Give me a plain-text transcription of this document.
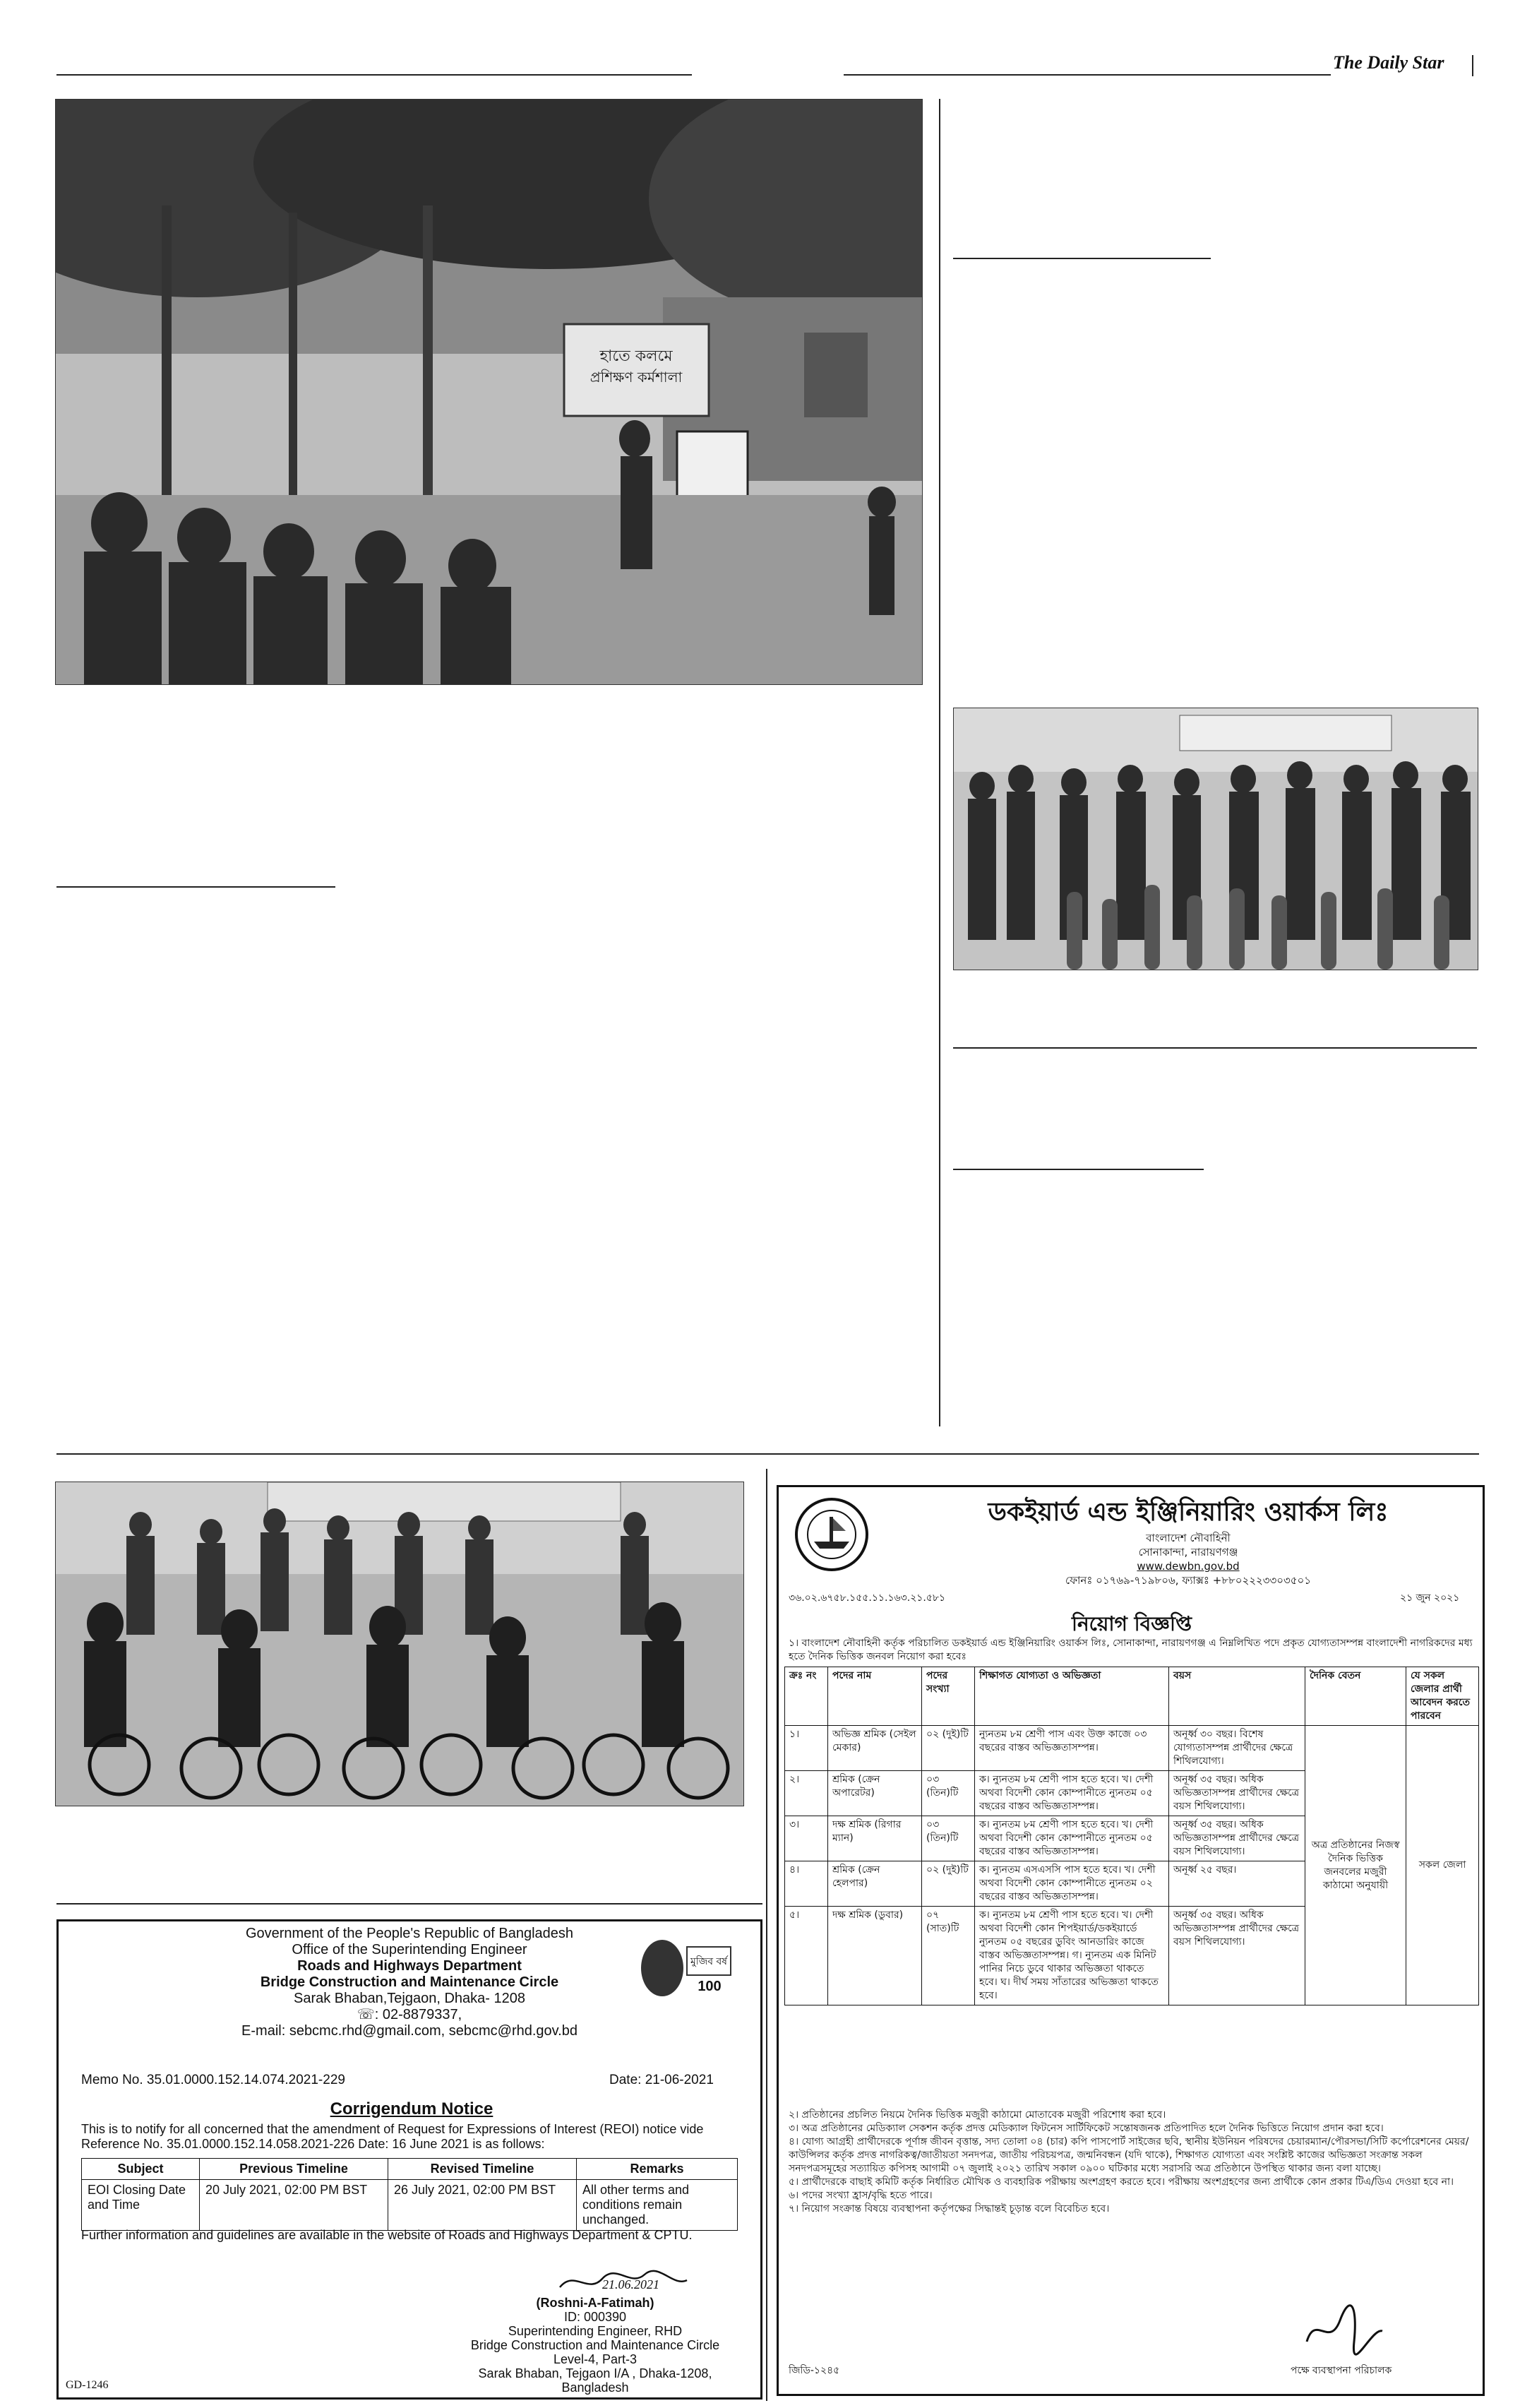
The Daily Star
হাতে কলমে
প্রশিক্ষণ কর্মশালা
Government of the People's Republic of Bangladesh
Office of the Superintending Engineer
Roads and Highways Department
Bridge Construction and Maintenance Circle
Sarak Bhaban,Tejgaon, Dhaka- 1208
☏: 02-8879337,
E-mail: sebcmc.rhd@gmail.com, sebcmc@rhd.gov.bd
মুজিব বর্ষ
100
Memo No. 35.01.0000.152.14.074.2021-229	Date: 21-06-2021
Corrigendum Notice
This is to notify for all concerned that the amendment of Request for Expressions of Interest (REOI) notice vide Reference No. 35.01.0000.152.14.058.2021-226 Date: 16 June 2021 is as follows:
Subject	Previous Timeline	Revised Timeline	Remarks
EOI Closing Date and Time	20 July 2021, 02:00 PM BST	26 July 2021, 02:00 PM BST	All other terms and conditions remain unchanged.
Further information and guidelines are available in the website of Roads and Highways Department & CPTU.
21.06.2021
(Roshni-A-Fatimah)
ID: 000390
Superintending Engineer, RHD
Bridge Construction and Maintenance Circle
Level-4, Part-3
Sarak Bhaban, Tejgaon I/A , Dhaka-1208,
Bangladesh
GD-1246
ডকইয়ার্ড এন্ড ইঞ্জিনিয়ারিং ওয়ার্কস লিঃ
বাংলাদেশ নৌবাহিনী
সোনাকান্দা, নারায়ণগঞ্জ
www.dewbn.gov.bd
ফোনঃ ০১৭৬৯-৭১৯৮০৬, ফ্যাক্সঃ +৮৮০২২২৩৩০৩৫০১
৩৬.০২.৬৭৫৮.১৫৫.১১.১৬৩.২১.৫৮১	২১ জুন ২০২১
নিয়োগ বিজ্ঞপ্তি
১। বাংলাদেশ নৌবাহিনী কর্তৃক পরিচালিত ডকইয়ার্ড এন্ড ইঞ্জিনিয়ারিং ওয়ার্কস লিঃ, সোনাকান্দা, নারায়ণগঞ্জ এ নিম্নলিখিত পদে প্রকৃত যোগ্যতাসম্পন্ন বাংলাদেশী নাগরিকদের মধ্য হতে দৈনিক ভিত্তিক জনবল নিয়োগ করা হবেঃ
ক্রঃ নং	পদের নাম	পদের সংখ্যা	শিক্ষাগত যোগ্যতা ও অভিজ্ঞতা	বয়স	দৈনিক বেতন	যে সকল জেলার প্রার্থী আবেদন করতে পারবেন
১।	অভিজ্ঞ শ্রমিক (সেইল মেকার)	০২ (দুই)টি	ন্যুনতম ৮ম শ্রেণী পাস এবং উক্ত কাজে ০৩ বছরের বাস্তব অভিজ্ঞতাসম্পন্ন।	অনূর্ধ্ব ৩০ বছর। বিশেষ যোগ্যতাসম্পন্ন প্রার্থীদের ক্ষেত্রে শিথিলযোগ্য।	অত্র প্রতিষ্ঠানের নিজস্ব দৈনিক ভিত্তিক জনবলের মজুরী কাঠামো অনুযায়ী	সকল জেলা
২।	শ্রমিক (ক্রেন অপারেটর)	০৩ (তিন)টি	ক। ন্যুনতম ৮ম শ্রেণী পাস হতে হবে। খ। দেশী অথবা বিদেশী কোন কোম্পানীতে ন্যুনতম ০৫ বছরের বাস্তব অভিজ্ঞতাসম্পন্ন।	অনূর্ধ্ব ৩৫ বছর। অধিক অভিজ্ঞতাসম্পন্ন প্রার্থীদের ক্ষেত্রে বয়স শিথিলযোগ্য।		
৩।	দক্ষ শ্রমিক (রিগার ম্যান)	০৩ (তিন)টি	ক। ন্যুনতম ৮ম শ্রেণী পাস হতে হবে। খ। দেশী অথবা বিদেশী কোন কোম্পানীতে ন্যুনতম ০৫ বছরের বাস্তব অভিজ্ঞতাসম্পন্ন।	অনূর্ধ্ব ৩৫ বছর। অধিক অভিজ্ঞতাসম্পন্ন প্রার্থীদের ক্ষেত্রে বয়স শিথিলযোগ্য।		
৪।	শ্রমিক (ক্রেন হেলপার)	০২ (দুই)টি	ক। ন্যুনতম এসএসসি পাস হতে হবে। খ। দেশী অথবা বিদেশী কোন কোম্পানীতে ন্যুনতম ০২ বছরের বাস্তব অভিজ্ঞতাসম্পন্ন।	অনূর্ধ্ব ২৫ বছর।		
৫।	দক্ষ শ্রমিক (ডুবার)	০৭ (সাত)টি	ক। ন্যুনতম ৮ম শ্রেণী পাস হতে হবে। খ। দেশী অথবা বিদেশী কোন শিপইয়ার্ড/ডকইয়ার্ডে ন্যুনতম ০৫ বছরের ডুবিং আনডারিং কাজে বাস্তব অভিজ্ঞতাসম্পন্ন। গ। ন্যুনতম এক মিনিট পানির নিচে ডুবে থাকার অভিজ্ঞতা থাকতে হবে। ঘ। দীর্ঘ সময় সাঁতারের অভিজ্ঞতা থাকতে হবে।	অনূর্ধ্ব ৩৫ বছর। অধিক অভিজ্ঞতাসম্পন্ন প্রার্থীদের ক্ষেত্রে বয়স শিথিলযোগ্য।		
২। প্রতিষ্ঠানের প্রচলিত নিয়মে দৈনিক ভিত্তিক মজুরী কাঠামো মোতাবেক মজুরী পরিশোধ করা হবে।
৩। অত্র প্রতিষ্ঠানের মেডিক্যাল সেকশন কর্তৃক প্রদত্ত মেডিক্যাল ফিটনেস সার্টিফিকেট সন্তোষজনক প্রতিপাদিত হলে দৈনিক ভিত্তিতে নিয়োগ প্রদান করা হবে।
৪। যোগ্য আগ্রহী প্রার্থীদেরকে পূর্ণাঙ্গ জীবন বৃত্তান্ত, সদ্য তোলা ০৪ (চার) কপি পাসপোর্ট সাইজের ছবি, স্থানীয় ইউনিয়ন পরিষদের চেয়ারম্যান/পৌরসভা/সিটি কর্পোরেশনের মেয়র/কাউন্সিলর কর্তৃক প্রদত্ত নাগরিকত্ব/জাতীয়তা সনদপত্র, জাতীয় পরিচয়পত্র, জন্মনিবন্ধন (যদি থাকে), শিক্ষাগত যোগ্যতা এবং সংশ্লিষ্ট কাজের অভিজ্ঞতা সংক্রান্ত সকল সনদপত্রসমূহের সত্যায়িত কপিসহ আগামী ০৭ জুলাই ২০২১ তারিখ সকাল ০৯০০ ঘটিকার মধ্যে সরাসরি অত্র প্রতিষ্ঠানে উপস্থিত থাকার জন্য বলা যাচ্ছে।
৫। প্রার্থীদেরকে বাছাই কমিটি কর্তৃক নির্ধারিত মৌখিক ও ব্যবহারিক পরীক্ষায় অংশগ্রহণ করতে হবে। পরীক্ষায় অংশগ্রহণের জন্য প্রার্থীকে কোন প্রকার টিএ/ডিএ দেওয়া হবে না।
৬। পদের সংখ্যা হ্রাস/বৃদ্ধি হতে পারে।
৭। নিয়োগ সংক্রান্ত বিষয়ে ব্যবস্থাপনা কর্তৃপক্ষের সিদ্ধান্তই চূড়ান্ত বলে বিবেচিত হবে।
জিডি-১২৪৫	পক্ষে ব্যবস্থাপনা পরিচালক
